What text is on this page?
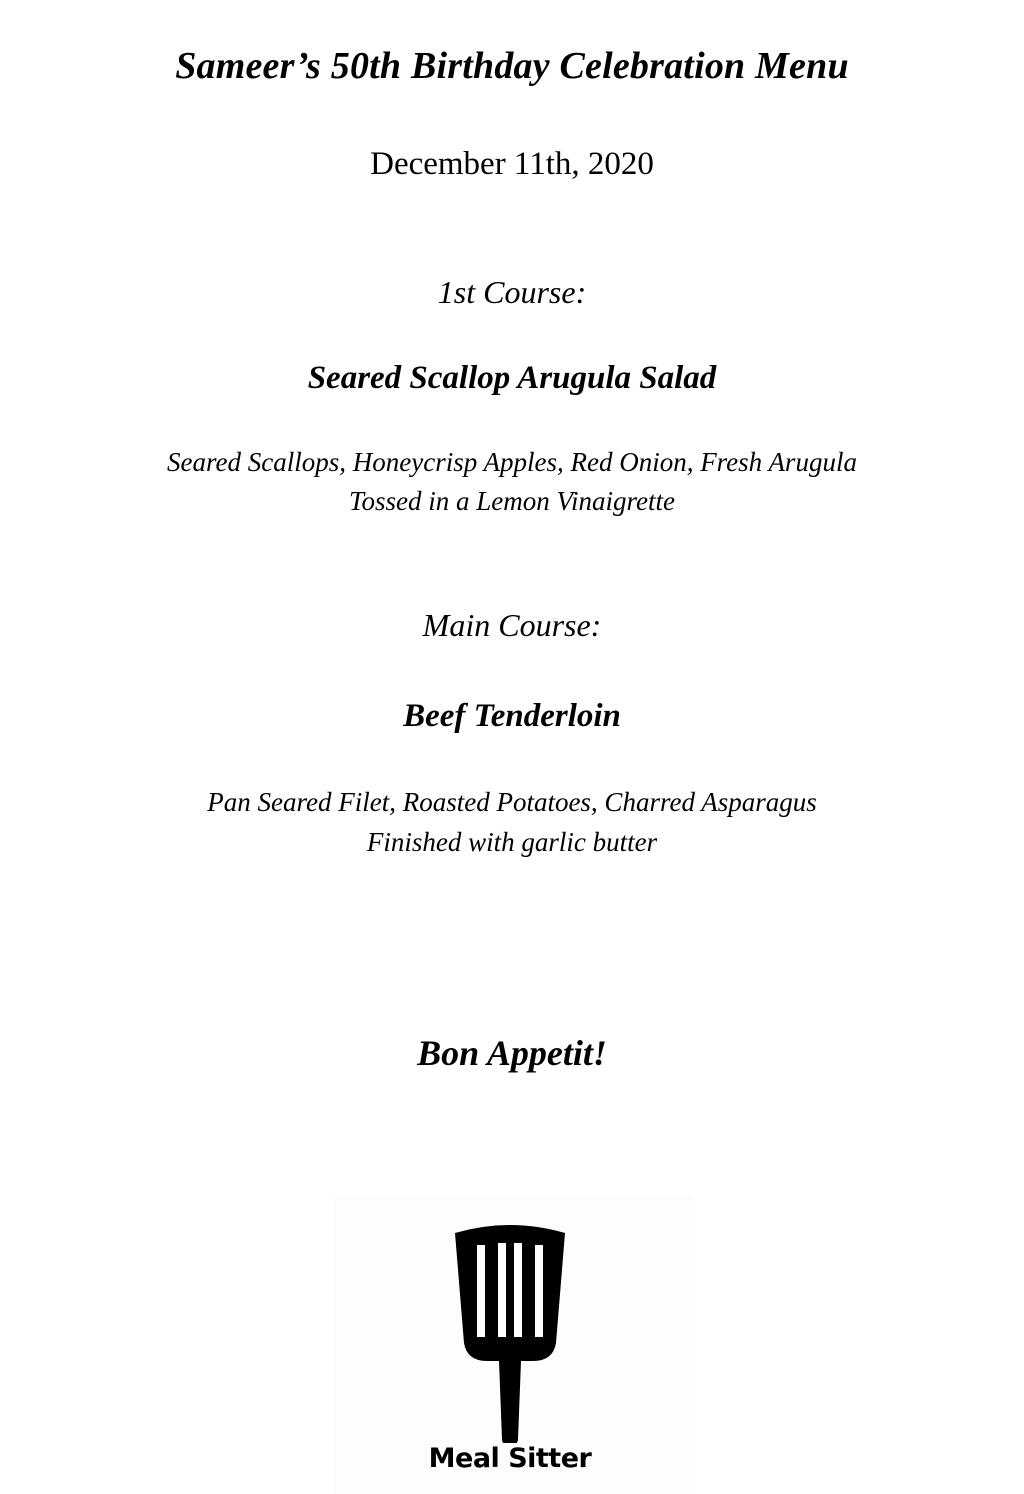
Sameer’s 50th Birthday Celebration Menu
December 11th, 2020
1st Course:
Seared Scallop Arugula Salad
Seared Scallops, Honeycrisp Apples, Red Onion, Fresh Arugula
Tossed in a Lemon Vinaigrette
Main Course:
Beef Tenderloin
Pan Seared Filet, Roasted Potatoes, Charred Asparagus
Finished with garlic butter
Bon Appetit!
Meal Sitter
